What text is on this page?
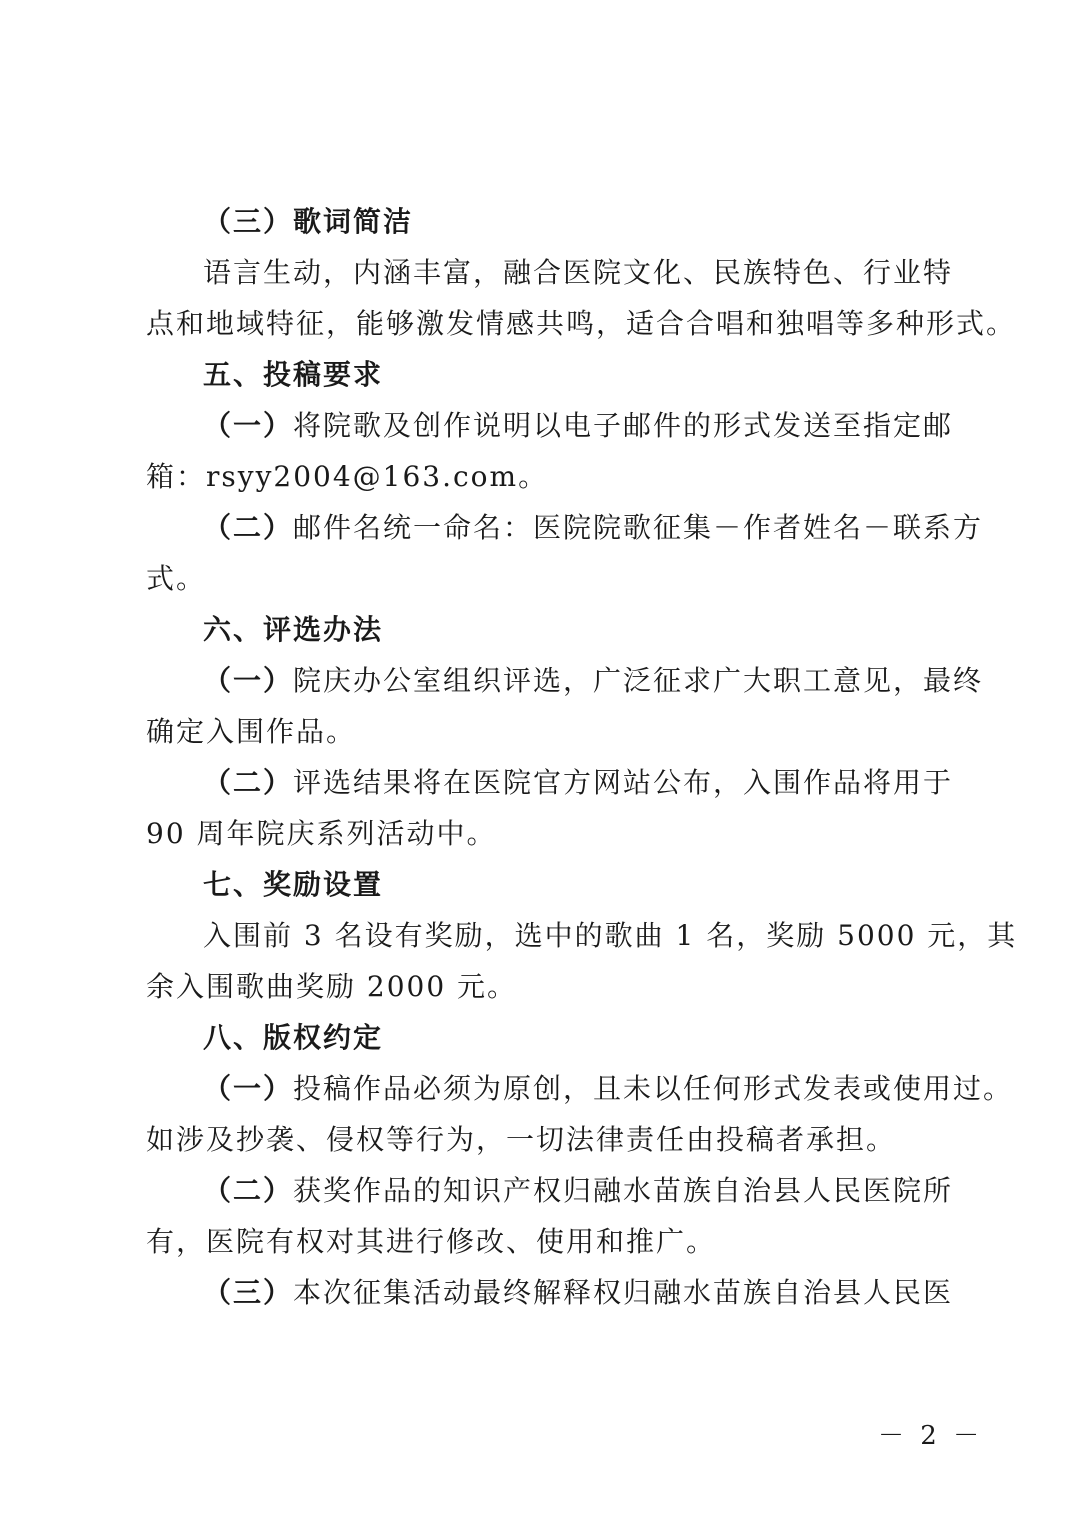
（三）歌词简洁
语言生动，内涵丰富，融合医院文化、民族特色、行业特
点和地域特征，能够激发情感共鸣，适合合唱和独唱等多种形式。
五、投稿要求
（一）将院歌及创作说明以电子邮件的形式发送至指定邮
箱：rsyy2004@163.com。
（二）邮件名统一命名：医院院歌征集－作者姓名－联系方
式。
六、评选办法
（一）院庆办公室组织评选，广泛征求广大职工意见，最终
确定入围作品。
（二）评选结果将在医院官方网站公布，入围作品将用于
90 周年院庆系列活动中。
七、奖励设置
入围前 3 名设有奖励，选中的歌曲 1 名，奖励 5000 元，其
余入围歌曲奖励 2000 元。
八、版权约定
（一）投稿作品必须为原创，且未以任何形式发表或使用过。
如涉及抄袭、侵权等行为，一切法律责任由投稿者承担。
（二）获奖作品的知识产权归融水苗族自治县人民医院所
有，医院有权对其进行修改、使用和推广。
（三）本次征集活动最终解释权归融水苗族自治县人民医
－ 2 －
